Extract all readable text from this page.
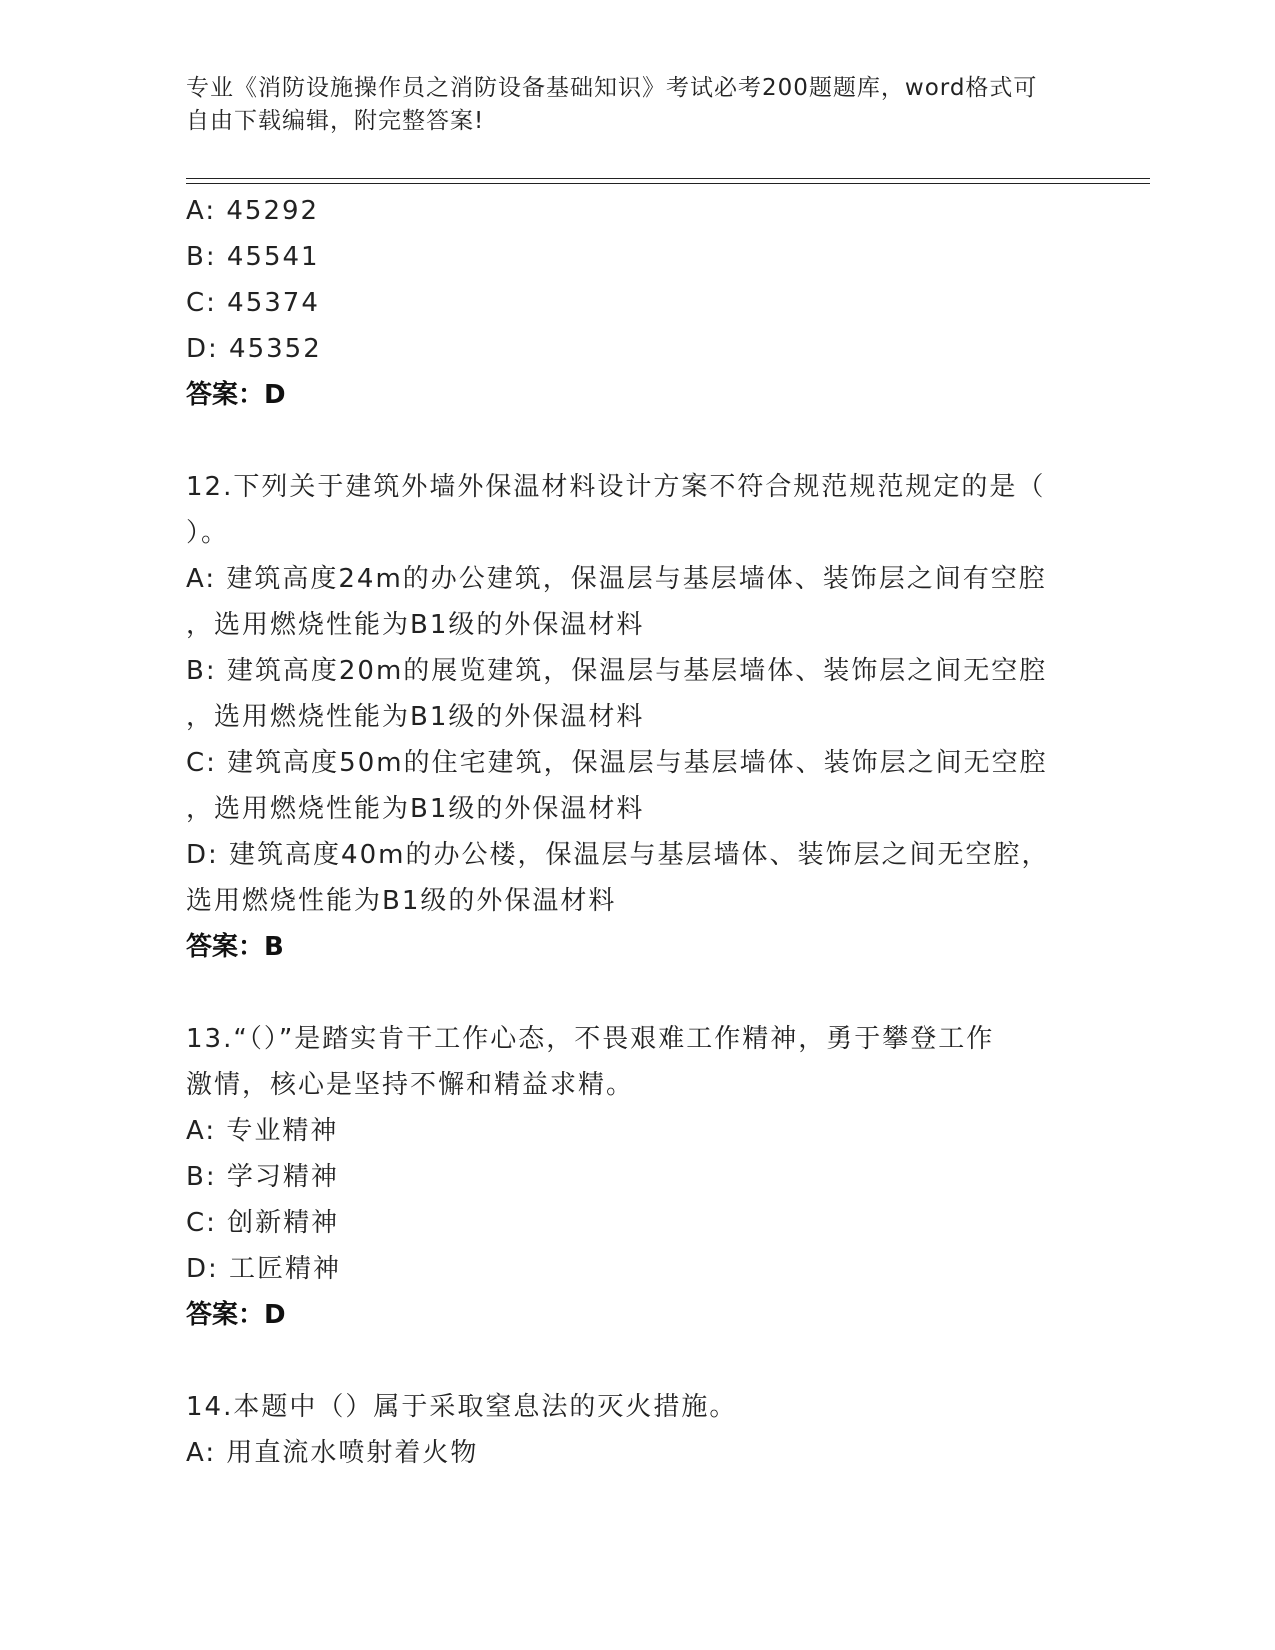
专业《消防设施操作员之消防设备基础知识》考试必考200题题库，word格式可
自由下载编辑，附完整答案!
A: 45292
B: 45541
C: 45374
D: 45352
答案：D
12.下列关于建筑外墙外保温材料设计方案不符合规范规范规定的是（
）。
A: 建筑高度24m的办公建筑，保温层与基层墙体、装饰层之间有空腔
，选用燃烧性能为B1级的外保温材料
B: 建筑高度20m的展览建筑，保温层与基层墙体、装饰层之间无空腔
，选用燃烧性能为B1级的外保温材料
C: 建筑高度50m的住宅建筑，保温层与基层墙体、装饰层之间无空腔
，选用燃烧性能为B1级的外保温材料
D: 建筑高度40m的办公楼，保温层与基层墙体、装饰层之间无空腔，
选用燃烧性能为B1级的外保温材料
答案：B
13.“（）”是踏实肯干工作心态，不畏艰难工作精神，勇于攀登工作
激情，核心是坚持不懈和精益求精。
A: 专业精神
B: 学习精神
C: 创新精神
D: 工匠精神
答案：D
14.本题中（）属于采取窒息法的灭火措施。
A: 用直流水喷射着火物
